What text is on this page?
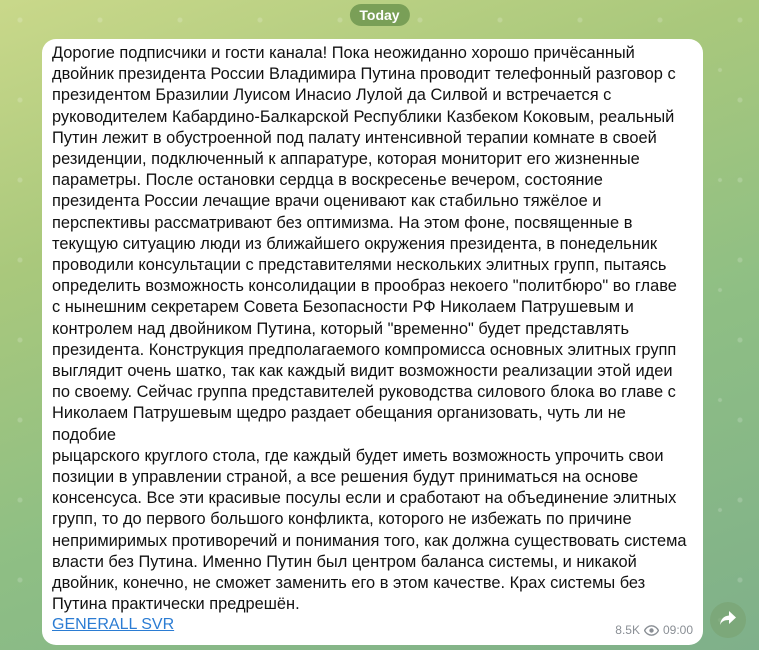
Today

Дорогие подписчики и гости канала! Пока неожиданно хорошо причёсанный
двойник президента России Владимира Путина проводит телефонный разговор с
президентом Бразилии Луисом Инасио Лулой да Силвой и встречается с
руководителем Кабардино-Балкарской Республики Казбеком Коковым, реальный
Путин лежит в обустроенной под палату интенсивной терапии комнате в своей
резиденции, подключенный к аппаратуре, которая мониторит его жизненные
параметры. После остановки сердца в воскресенье вечером, состояние
президента России лечащие врачи оценивают как стабильно тяжёлое и
перспективы рассматривают без оптимизма. На этом фоне, посвященные в
текущую ситуацию люди из ближайшего окружения президента, в понедельник
проводили консультации с представителями нескольких элитных групп, пытаясь
определить возможность консолидации в прообраз некоего "политбюро" во главе
с нынешним секретарем Совета Безопасности РФ Николаем Патрушевым и
контролем над двойником Путина, который "временно" будет представлять
президента. Конструкция предполагаемого компромисса основных элитных групп
выглядит очень шатко, так как каждый видит возможности реализации этой идеи
по своему. Сейчас группа представителей руководства силового блока во главе с
Николаем Патрушевым щедро раздает обещания организовать, чуть ли не подобие
рыцарского круглого стола, где каждый будет иметь возможность упрочить свои
позиции в управлении страной, а все решения будут приниматься на основе
консенсуса. Все эти красивые посулы если и сработают на объединение элитных
групп, то до первого большого конфликта, которого не избежать по причине
непримиримых противоречий и понимания того, как должна существовать система
власти без Путина. Именно Путин был центром баланса системы, и никакой
двойник, конечно, не сможет заменить его в этом качестве. Крах системы без
Путина практически предрешён.

GENERALL SVR	8.5K 09:00
